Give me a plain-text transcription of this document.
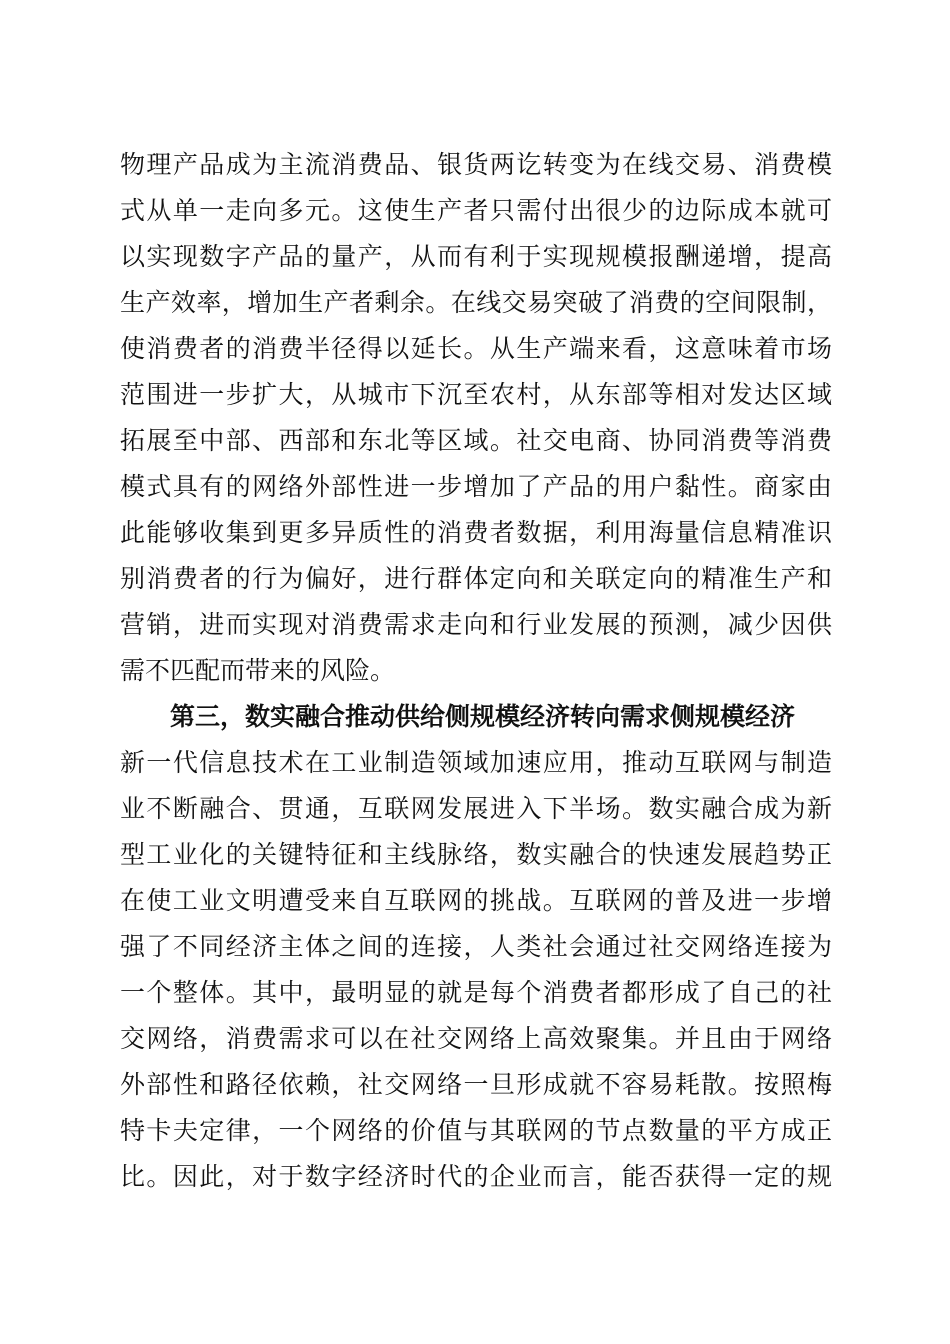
物理产品成为主流消费品、银货两讫转变为在线交易、消费模
式从单一走向多元。这使生产者只需付出很少的边际成本就可
以实现数字产品的量产，从而有利于实现规模报酬递增，提高
生产效率，增加生产者剩余。在线交易突破了消费的空间限制，
使消费者的消费半径得以延长。从生产端来看，这意味着市场
范围进一步扩大，从城市下沉至农村，从东部等相对发达区域
拓展至中部、西部和东北等区域。社交电商、协同消费等消费
模式具有的网络外部性进一步增加了产品的用户黏性。商家由
此能够收集到更多异质性的消费者数据，利用海量信息精准识
别消费者的行为偏好，进行群体定向和关联定向的精准生产和
营销，进而实现对消费需求走向和行业发展的预测，减少因供
需不匹配而带来的风险。
第三，数实融合推动供给侧规模经济转向需求侧规模经济
新一代信息技术在工业制造领域加速应用，推动互联网与制造
业不断融合、贯通，互联网发展进入下半场。数实融合成为新
型工业化的关键特征和主线脉络，数实融合的快速发展趋势正
在使工业文明遭受来自互联网的挑战。互联网的普及进一步增
强了不同经济主体之间的连接，人类社会通过社交网络连接为
一个整体。其中，最明显的就是每个消费者都形成了自己的社
交网络，消费需求可以在社交网络上高效聚集。并且由于网络
外部性和路径依赖，社交网络一旦形成就不容易耗散。按照梅
特卡夫定律，一个网络的价值与其联网的节点数量的平方成正
比。因此，对于数字经济时代的企业而言，能否获得一定的规
